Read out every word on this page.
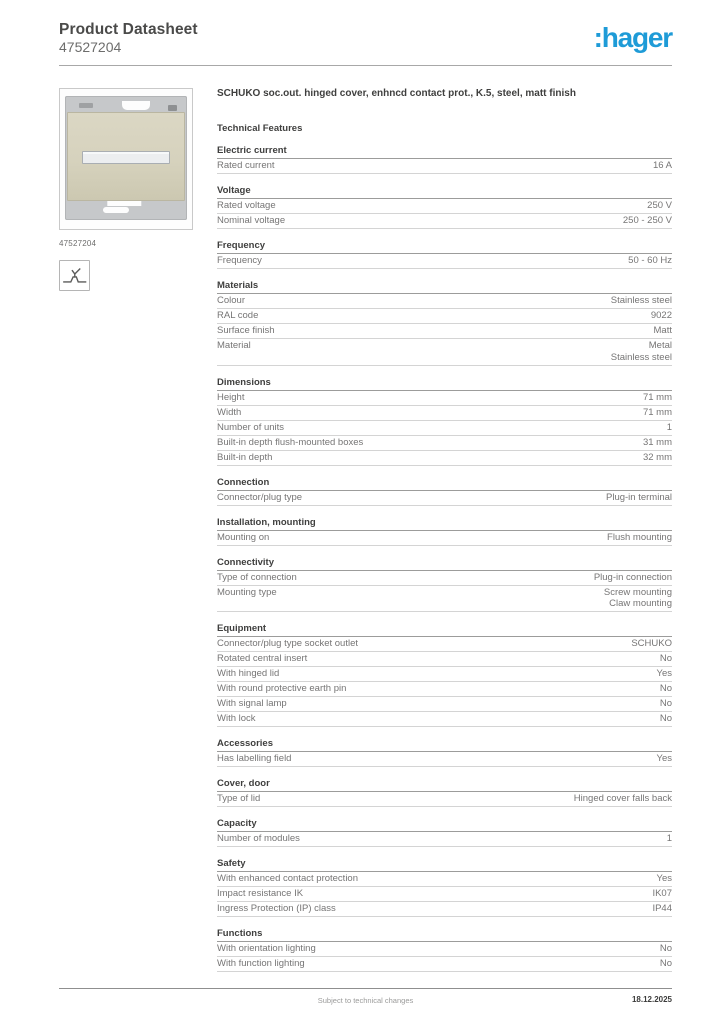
Product Datasheet
47527204	:hager
47527204
SCHUKO soc.out. hinged cover, enhncd contact prot., K.5, steel, matt finish
Technical Features
Electric current
Rated current	16 A
Voltage
Rated voltage	250 V
Nominal voltage	250 - 250 V
Frequency
Frequency	50 - 60 Hz
Materials
Colour	Stainless steel
RAL code	9022
Surface finish	Matt
Material	Metal
Stainless steel
Dimensions
Height	71 mm
Width	71 mm
Number of units	1
Built-in depth flush-mounted boxes	31 mm
Built-in depth	32 mm
Connection
Connector/plug type	Plug-in terminal
Installation, mounting
Mounting on	Flush mounting
Connectivity
Type of connection	Plug-in connection
Mounting type	Screw mounting
Claw mounting
Equipment
Connector/plug type socket outlet	SCHUKO
Rotated central insert	No
With hinged lid	Yes
With round protective earth pin	No
With signal lamp	No
With lock	No
Accessories
Has labelling field	Yes
Cover, door
Type of lid	Hinged cover falls back
Capacity
Number of modules	1
Safety
With enhanced contact protection	Yes
Impact resistance IK	IK07
Ingress Protection (IP) class	IP44
Functions
With orientation lighting	No
With function lighting	No
Subject to technical changes	18.12.2025
